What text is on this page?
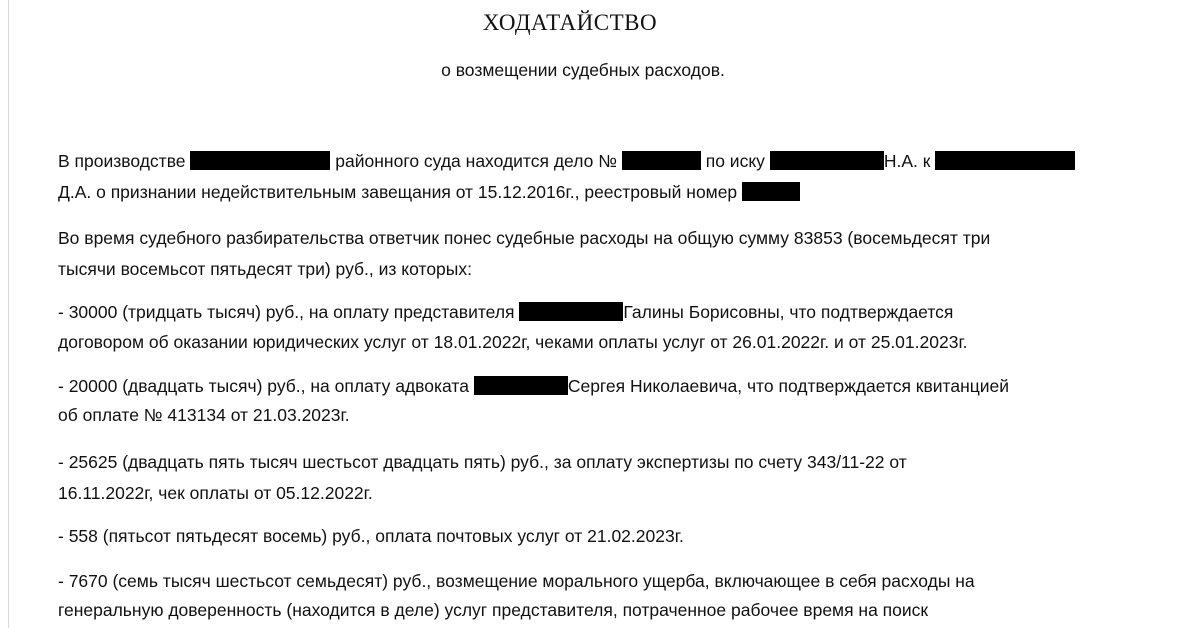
ХОДАТАЙСТВО
о возмещении судебных расходов.
В производстве	районного суда находится дело №	по иску	Н.А. к
Д.А. о признании недействительным завещания от 15.12.2016г., реестровый номер
Во время судебного разбирательства ответчик понес судебные расходы на общую сумму 83853 (восемьдесят три
тысячи восемьсот пятьдесят три) руб., из которых:
- 30000 (тридцать тысяч) руб., на оплату представителя	Галины Борисовны, что подтверждается
договором об оказании юридических услуг от 18.01.2022г, чеками оплаты услуг от 26.01.2022г. и от 25.01.2023г.
- 20000 (двадцать тысяч) руб., на оплату адвоката	Сергея Николаевича, что подтверждается квитанцией
об оплате № 413134 от 21.03.2023г.
- 25625 (двадцать пять тысяч шестьсот двадцать пять) руб., за оплату экспертизы по счету 343/11-22 от
16.11.2022г, чек оплаты от 05.12.2022г.
- 558 (пятьсот пятьдесят восемь) руб., оплата почтовых услуг от 21.02.2023г.
- 7670 (семь тысяч шестьсот семьдесят) руб., возмещение морального ущерба, включающее в себя расходы на
генеральную доверенность (находится в деле) услуг представителя, потраченное рабочее время на поиск
